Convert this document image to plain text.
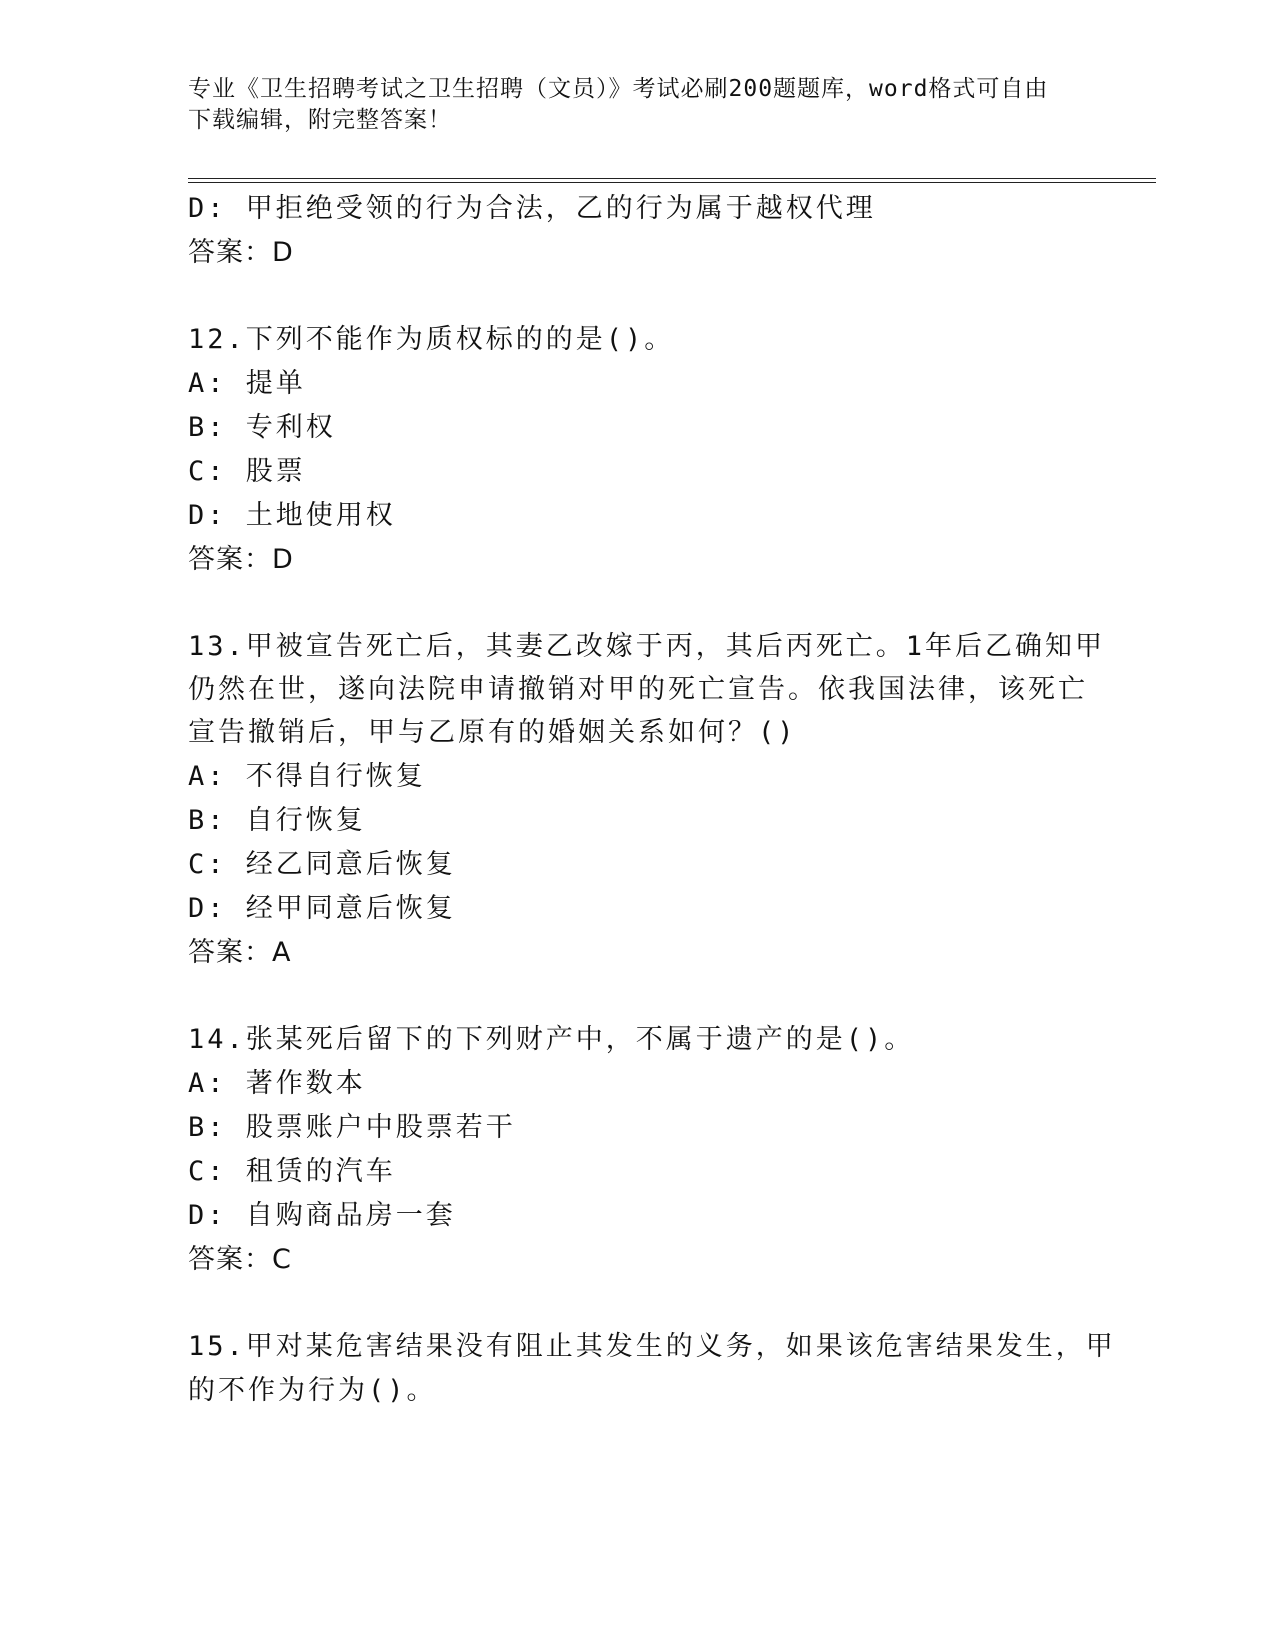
专业《卫生招聘考试之卫生招聘（文员）》考试必刷200题题库，word格式可自由下载编辑，附完整答案！
D: 甲拒绝受领的行为合法，乙的行为属于越权代理
答案：D
12.下列不能作为质权标的的是()。
A: 提单
B: 专利权
C: 股票
D: 土地使用权
答案：D
13.甲被宣告死亡后，其妻乙改嫁于丙，其后丙死亡。1年后乙确知甲
仍然在世，遂向法院申请撤销对甲的死亡宣告。依我国法律，该死亡
宣告撤销后，甲与乙原有的婚姻关系如何？()
A: 不得自行恢复
B: 自行恢复
C: 经乙同意后恢复
D: 经甲同意后恢复
答案：A
14.张某死后留下的下列财产中，不属于遗产的是()。
A: 著作数本
B: 股票账户中股票若干
C: 租赁的汽车
D: 自购商品房一套
答案：C
15.甲对某危害结果没有阻止其发生的义务，如果该危害结果发生，甲
的不作为行为()。
